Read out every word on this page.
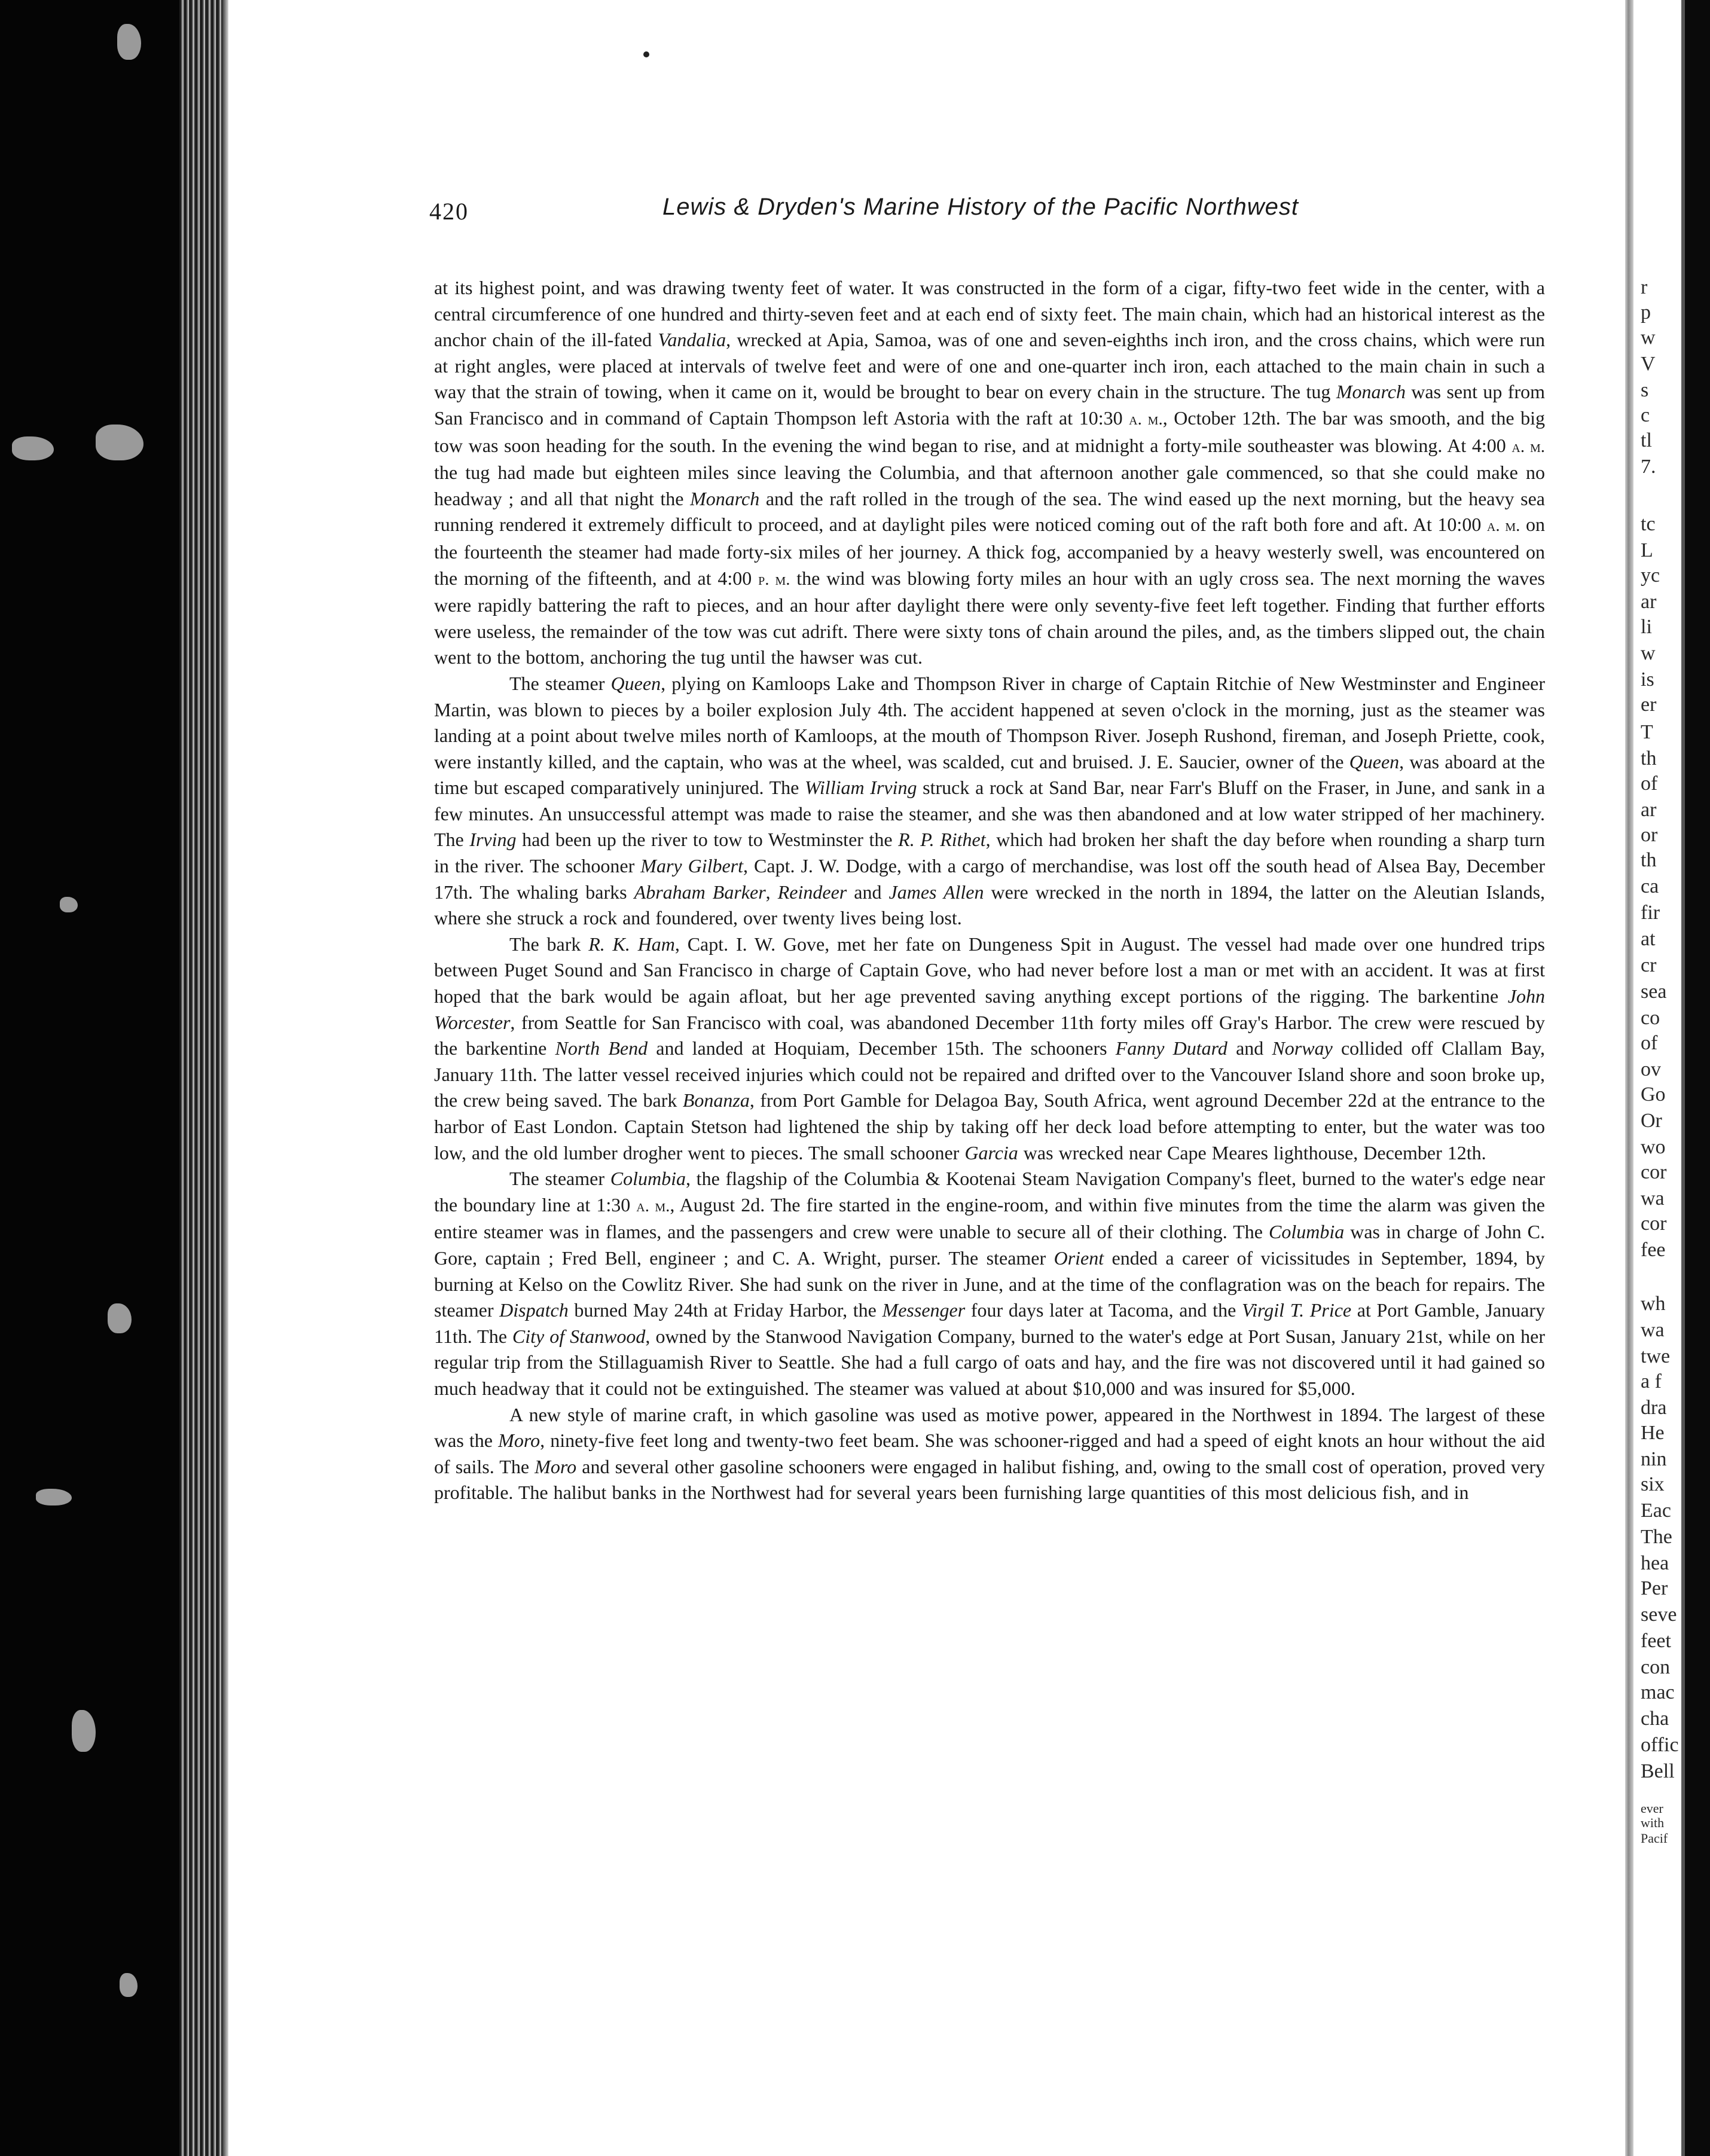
420	Lewis & Dryden's Marine History of the Pacific Northwest

at its highest point, and was drawing twenty feet of water. It was constructed in the form of a cigar, fifty-two feet wide in the center, with a central circumference of one hundred and thirty-seven feet and at each end of sixty feet. The main chain, which had an historical interest as the anchor chain of the ill-fated Vandalia, wrecked at Apia, Samoa, was of one and seven-eighths inch iron, and the cross chains, which were run at right angles, were placed at intervals of twelve feet and were of one and one-quarter inch iron, each attached to the main chain in such a way that the strain of towing, when it came on it, would be brought to bear on every chain in the structure. The tug Monarch was sent up from San Francisco and in command of Captain Thompson left Astoria with the raft at 10:30 a. m., October 12th. The bar was smooth, and the big tow was soon heading for the south. In the evening the wind began to rise, and at midnight a forty-mile southeaster was blowing. At 4:00 a. m. the tug had made but eighteen miles since leaving the Columbia, and that afternoon another gale commenced, so that she could make no headway ; and all that night the Monarch and the raft rolled in the trough of the sea. The wind eased up the next morning, but the heavy sea running rendered it extremely difficult to proceed, and at daylight piles were noticed coming out of the raft both fore and aft. At 10:00 a. m. on the fourteenth the steamer had made forty-six miles of her journey. A thick fog, accompanied by a heavy westerly swell, was encountered on the morning of the fifteenth, and at 4:00 p. m. the wind was blowing forty miles an hour with an ugly cross sea. The next morning the waves were rapidly battering the raft to pieces, and an hour after daylight there were only seventy-five feet left together. Finding that further efforts were useless, the remainder of the tow was cut adrift. There were sixty tons of chain around the piles, and, as the timbers slipped out, the chain went to the bottom, anchoring the tug until the hawser was cut.

The steamer Queen, plying on Kamloops Lake and Thompson River in charge of Captain Ritchie of New Westminster and Engineer Martin, was blown to pieces by a boiler explosion July 4th. The accident happened at seven o'clock in the morning, just as the steamer was landing at a point about twelve miles north of Kamloops, at the mouth of Thompson River. Joseph Rushond, fireman, and Joseph Priette, cook, were instantly killed, and the captain, who was at the wheel, was scalded, cut and bruised. J. E. Saucier, owner of the Queen, was aboard at the time but escaped comparatively uninjured. The William Irving struck a rock at Sand Bar, near Farr's Bluff on the Fraser, in June, and sank in a few minutes. An unsuccessful attempt was made to raise the steamer, and she was then abandoned and at low water stripped of her machinery. The Irving had been up the river to tow to Westminster the R. P. Rithet, which had broken her shaft the day before when rounding a sharp turn in the river. The schooner Mary Gilbert, Capt. J. W. Dodge, with a cargo of merchandise, was lost off the south head of Alsea Bay, December 17th. The whaling barks Abraham Barker, Reindeer and James Allen were wrecked in the north in 1894, the latter on the Aleutian Islands, where she struck a rock and foundered, over twenty lives being lost.

The bark R. K. Ham, Capt. I. W. Gove, met her fate on Dungeness Spit in August. The vessel had made over one hundred trips between Puget Sound and San Francisco in charge of Captain Gove, who had never before lost a man or met with an accident. It was at first hoped that the bark would be again afloat, but her age prevented saving anything except portions of the rigging. The barkentine John Worcester, from Seattle for San Francisco with coal, was abandoned December 11th forty miles off Gray's Harbor. The crew were rescued by the barkentine North Bend and landed at Hoquiam, December 15th. The schooners Fanny Dutard and Norway collided off Clallam Bay, January 11th. The latter vessel received injuries which could not be repaired and drifted over to the Vancouver Island shore and soon broke up, the crew being saved. The bark Bonanza, from Port Gamble for Delagoa Bay, South Africa, went aground December 22d at the entrance to the harbor of East London. Captain Stetson had lightened the ship by taking off her deck load before attempting to enter, but the water was too low, and the old lumber drogher went to pieces. The small schooner Garcia was wrecked near Cape Meares lighthouse, December 12th.

The steamer Columbia, the flagship of the Columbia & Kootenai Steam Navigation Company's fleet, burned to the water's edge near the boundary line at 1:30 a. m., August 2d. The fire started in the engine-room, and within five minutes from the time the alarm was given the entire steamer was in flames, and the passengers and crew were unable to secure all of their clothing. The Columbia was in charge of John C. Gore, captain ; Fred Bell, engineer ; and C. A. Wright, purser. The steamer Orient ended a career of vicissitudes in September, 1894, by burning at Kelso on the Cowlitz River. She had sunk on the river in June, and at the time of the conflagration was on the beach for repairs. The steamer Dispatch burned May 24th at Friday Harbor, the Messenger four days later at Tacoma, and the Virgil T. Price at Port Gamble, January 11th. The City of Stanwood, owned by the Stanwood Navigation Company, burned to the water's edge at Port Susan, January 21st, while on her regular trip from the Stillaguamish River to Seattle. She had a full cargo of oats and hay, and the fire was not discovered until it had gained so much headway that it could not be extinguished. The steamer was valued at about $10,000 and was insured for $5,000.

A new style of marine craft, in which gasoline was used as motive power, appeared in the Northwest in 1894. The largest of these was the Moro, ninety-five feet long and twenty-two feet beam. She was schooner-rigged and had a speed of eight knots an hour without the aid of sails. The Moro and several other gasoline schooners were engaged in halibut fishing, and, owing to the small cost of operation, proved very profitable. The halibut banks in the Northwest had for several years been furnishing large quantities of this most delicious fish, and in

r
p
w
V
s
c
tl
7.
tc
L
yc
ar
li
w
is
er
T
th
of
ar
or
th
ca
fir
at
cr
sea
co
of
ov
Go
Or
wo
cor
wa
cor
fee
wh
wa
twe
a f
dra
He
nin
six
Eac
The
hea
Per
seve
feet
con
mac
cha
offic
Bell
ever
with
Pacif
